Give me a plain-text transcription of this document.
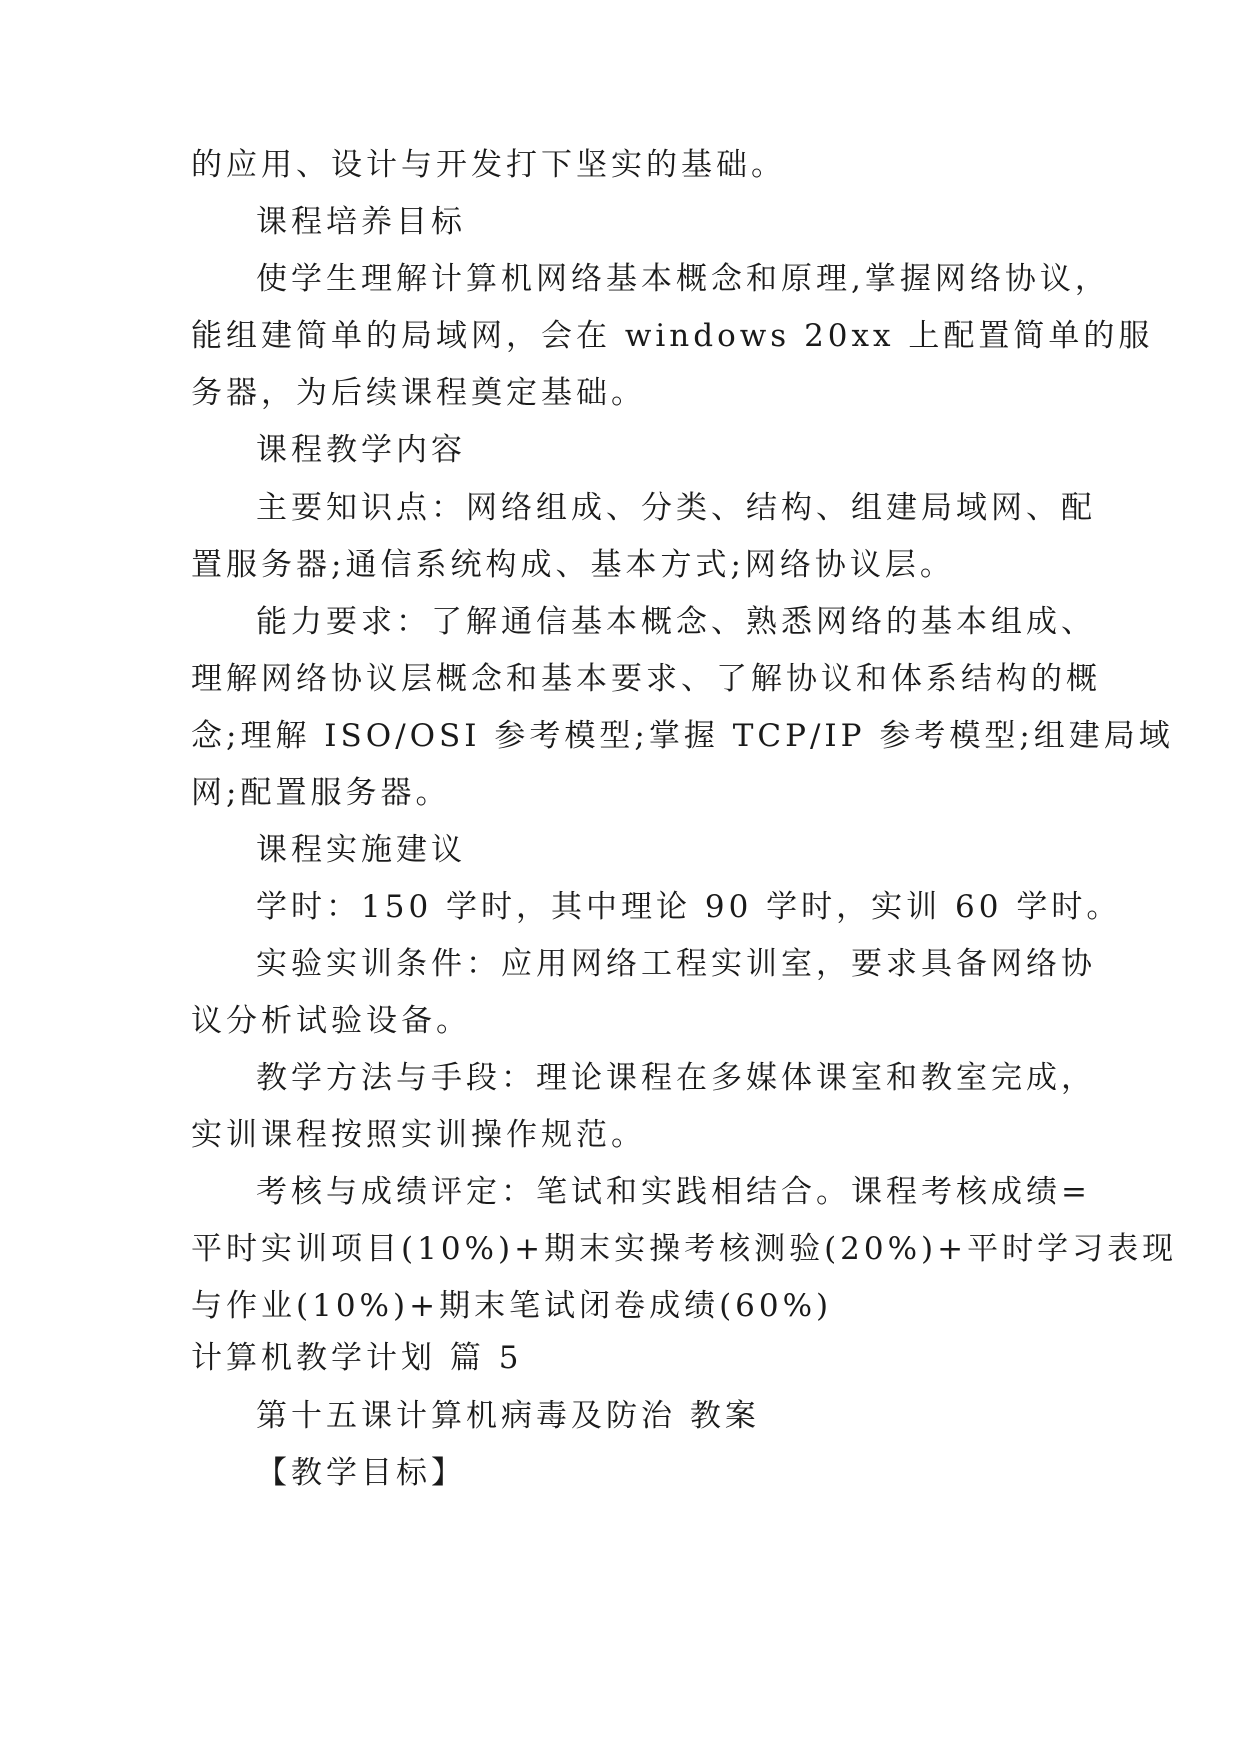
的应用、设计与开发打下坚实的基础。
课程培养目标
使学生理解计算机网络基本概念和原理,掌握网络协议，
能组建简单的局域网，会在 windows 20xx 上配置简单的服
务器，为后续课程奠定基础。
课程教学内容
主要知识点：网络组成、分类、结构、组建局域网、配
置服务器;通信系统构成、基本方式;网络协议层。
能力要求：了解通信基本概念、熟悉网络的基本组成、
理解网络协议层概念和基本要求、了解协议和体系结构的概
念;理解 ISO/OSI 参考模型;掌握 TCP/IP 参考模型;组建局域
网;配置服务器。
课程实施建议
学时：150 学时，其中理论 90 学时，实训 60 学时。
实验实训条件：应用网络工程实训室，要求具备网络协
议分析试验设备。
教学方法与手段：理论课程在多媒体课室和教室完成，
实训课程按照实训操作规范。
考核与成绩评定：笔试和实践相结合。课程考核成绩=
平时实训项目(10%)+期末实操考核测验(20%)+平时学习表现
与作业(10%)+期末笔试闭卷成绩(60%)
计算机教学计划 篇 5
第十五课计算机病毒及防治 教案
【教学目标】
